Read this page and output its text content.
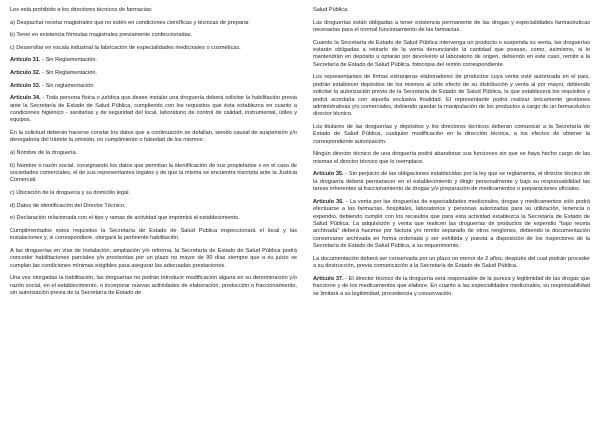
Les está prohibido a los directores técnicos de farmacias:

a) Despachar recetar magistrales que no estén en condiciones científicas y técnicas de preparar.

b) Tener en existencia fórmulas magistrales previamente confeccionadas.

c) Desarrollar en escala industrial la fabricación de especialidades medicinales o cosméticas.

Artículo 31. - Sin Reglamentación.

Artículo 32. - Sin Reglamentación.

Artículo 33. - Sin reglamentación.

Artículo 34. - Toda persona física o jurídica que desee instalar una droguería deberá solicitar la habilitación previa ante la Secretaría de Estado de Salud Pública, cumpliendo con los requisitos que ésta establezca en cuanto a condiciones higiénico - sanitarias y de seguridad del local, laboratorio de control de calidad, instrumental, útiles y equipos.

En la solicitud deberán hacerse constar los datos que a continuación se detallan, siendo causal de suspensión y/o denegatoria del trámite la omisión, no cumplimiento o falsedad de los mismos:

a) Nombre de la droguería.

b) Nombre o razón social, consignando los datos que permitan la identificación de sus propietarios o en el caso de sociedades comerciales, el de sus representantes legales y de que la misma se encuentra inscripta ante la Justicia Comercial.

c) Ubicación de la droguería y su domicilio legal.

d) Datos de identificación del Director Técnico.

e) Declaración relacionada con el tipo y ramas de actividad que imprimirá al establecimiento.

Cumplimentados estos requisitos la Secretaría de Estado de Salud Pública inspeccionará el local y las instalaciones y, si correspondiere, otorgará la pertinente habilitación.

A las droguerías en vías de instalación, ampliación y/o reforma, la Secretaría de Estado de Salud Pública podrá conceder habilitaciones parciales y/o provisorias por un plazo no mayor de 90 días siempre que a su juicio se cumplan las condiciones mínimas exigibles para asegurar las adecuadas prestaciones.

Una vez otorgadas la habilitación, las droguerías no podrán introducir modificación alguna en su denominación y/o razón social, en el establecimiento, o incorporar nuevas actividades de elaboración, producción o fraccionamiento, sin autorización previa de la Secretaría de Estado de

Salud Pública.

Las droguerías están obligadas a tener existencia permanente de las drogas y especialidades farmacéuticas necesarias para el normal funcionamiento de las farmacias.

Cuando la Secretaría de Estado de Salud Pública intervenga un producto o suspenda su venta, las droguerías estarán obligadas a retirarlo de la venta denunciando la cantidad que posean, como, asimismo, si lo mantendrán en depósito u optarán por devolverlo al laboratorio de origen, debiendo en este caso, remitir a la Secretaría de Estado de Salud Pública, fotocopia del remito correspondiente.

Los representantes de firmas extranjeras elaboradores de productos cuya venta esté autorizada en el país, podrán establecer depósitos de los mismos al sólo efecto de su distribución y venta al por mayor, debiendo solicitar la autorización previa de la Secretaría de Estado de Salud Pública, la que establecerá los requisitos y podrá acordarla con aquella exclusiva finalidad. El representante podrá realizar únicamente gestiones administrativas y/o comerciales, debiendo quedar la manipulación de los productos a cargo de un farmacéutico director técnico.

Los titulares de las droguerías y depósitos y los directores técnicos deberán comunicar a la Secretaría de Estado de Salud Pública, cualquier modificación en la dirección técnica, a los efectos de obtener la correspondiente autorización.

Ningún director técnico de una droguería podrá abandonar sus funciones sin que se haya hecho cargo de las mismas el director técnico que lo reemplace.

Artículo 35. - Sin perjuicio de las obligaciones establecidas por la ley que se reglamenta, el director técnico de la droguería deberá permanecer en el establecimiento y dirigir personalmente y bajo su responsabilidad las tareas inherentes al fraccionamiento de drogas y/o preparación de medicamentos o preparaciones oficiales.

Artículo 36. - La venta por las droguerías de especialidades medicinales, drogas y medicamentos sólo podrá efectuarse a las farmacias, hospitales, laboratorios y personas autorizadas para su utilización, tenencia o expendio, debiendo cumplir con los recaudos que para esta actividad establezca la Secretaría de Estado de Salud Pública. La adquisición y venta que realicen las droguerías de productos de expendio "bajo receta archivada" deberá hacerse por factura y/o remito separado de otros renglones, debiendo la documentación conservarse archivada en forma ordenada y ser exhibida y puesta a disposición de los inspectores de la Secretaría de Estado de Salud Pública, a su requerimiento.

La documentación deberá ser conservada por un plazo no menor de 2 años, después del cual podrán proceder a su destrucción, previa comunicación a la Secretaría de Estado de Salud Pública.

Artículo 37. - El director técnico de la droguería será responsable de la pureza y legitimidad de las drogas que fraccione y de los medicamentos que elabore. En cuanto a las especialidades medicinales, su responsabilidad se limitará a su legitimidad, procedencia y conservación.
